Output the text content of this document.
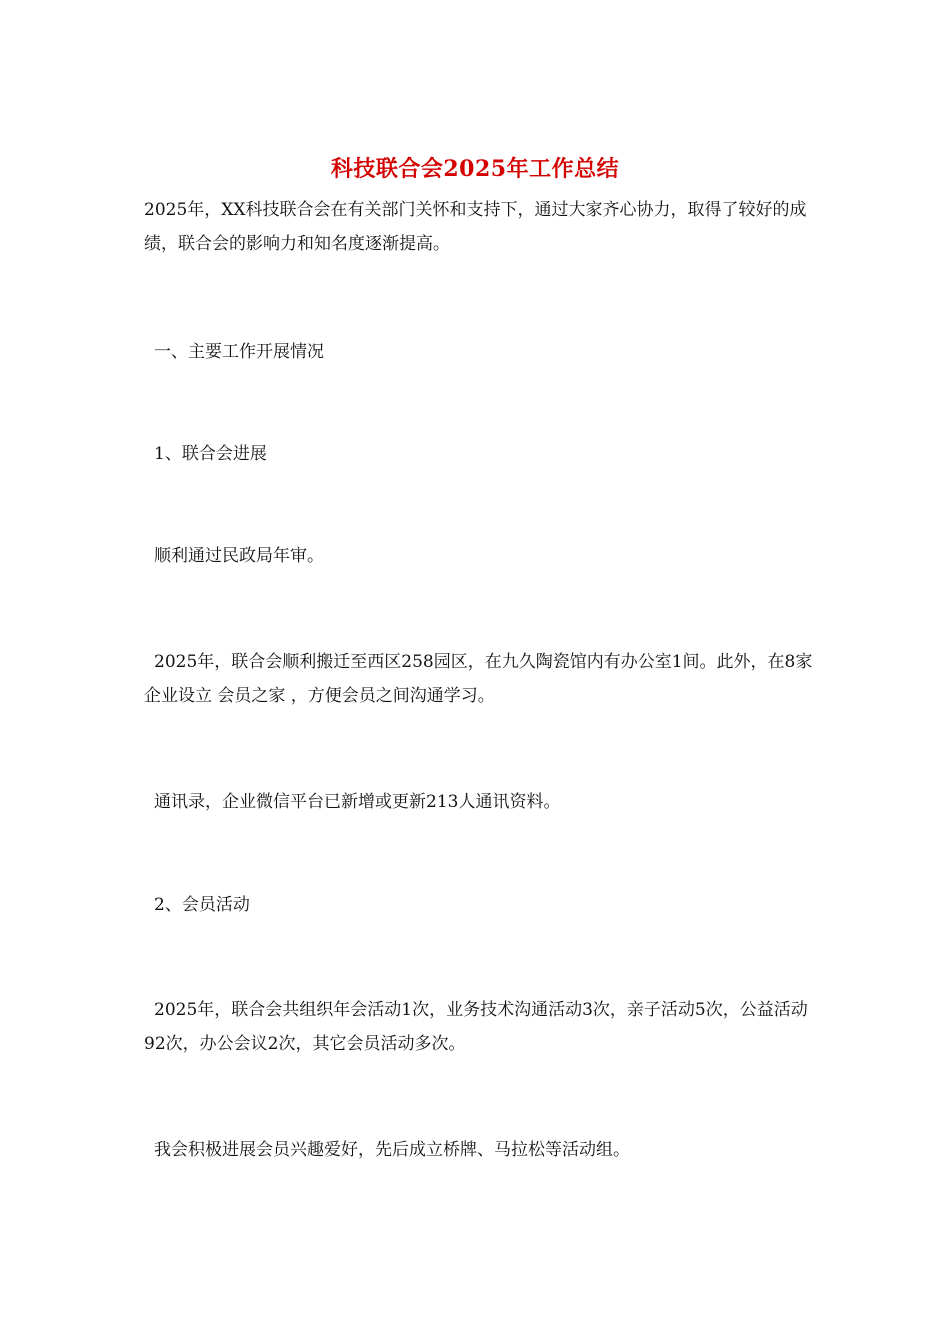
科技联合会2025年工作总结

2025年，XX科技联合会在有关部门关怀和支持下，通过大家齐心协力，取得了较好的成绩，联合会的影响力和知名度逐渐提高。

一、主要工作开展情况

1、联合会进展

顺利通过民政局年审。

2025年，联合会顺利搬迁至西区258园区，在九久陶瓷馆内有办公室1间。此外，在8家企业设立 会员之家 ，方便会员之间沟通学习。

通讯录，企业微信平台已新增或更新213人通讯资料。

2、会员活动

2025年，联合会共组织年会活动1次，业务技术沟通活动3次，亲子活动5次，公益活动92次，办公会议2次，其它会员活动多次。

我会积极进展会员兴趣爱好，先后成立桥牌、马拉松等活动组。
